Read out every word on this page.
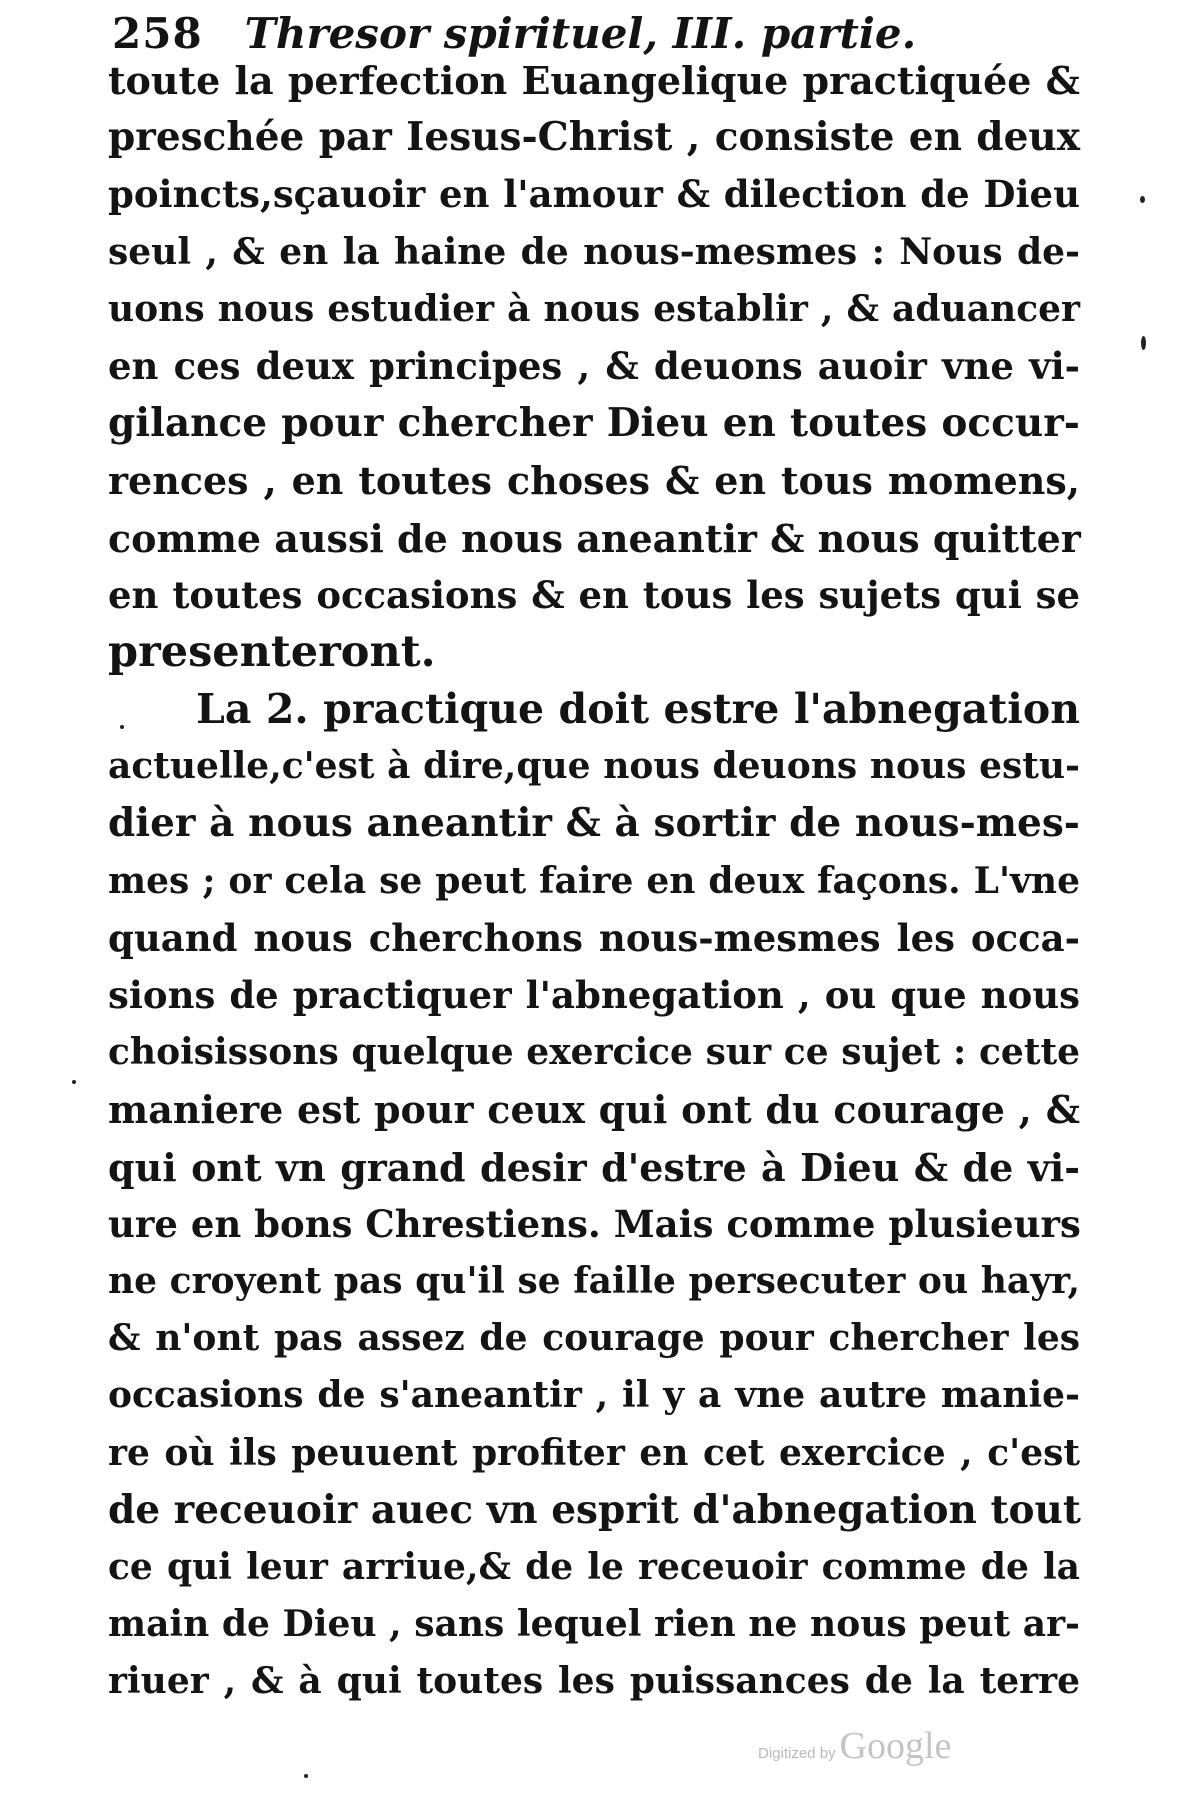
258 Thresor spirituel, III. partie.
toute la perfection Euangelique practiquée &
preschée par Iesus-Christ , consiste en deux
poincts,sçauoir en l'amour & dilection de Dieu
seul , & en la haine de nous-mesmes : Nous de-
uons nous estudier à nous establir , & aduancer
en ces deux principes , & deuons auoir vne vi-
gilance pour chercher Dieu en toutes occur-
rences , en toutes choses & en tous momens,
comme aussi de nous aneantir & nous quitter
en toutes occasions & en tous les sujets qui se
presenteront.
La 2. practique doit estre l'abnegation
actuelle,c'est à dire,que nous deuons nous estu-
dier à nous aneantir & à sortir de nous-mes-
mes ; or cela se peut faire en deux façons. L'vne
quand nous cherchons nous-mesmes les occa-
sions de practiquer l'abnegation , ou que nous
choisissons quelque exercice sur ce sujet : cette
maniere est pour ceux qui ont du courage , &
qui ont vn grand desir d'estre à Dieu & de vi-
ure en bons Chrestiens. Mais comme plusieurs
ne croyent pas qu'il se faille persecuter ou hayr,
& n'ont pas assez de courage pour chercher les
occasions de s'aneantir , il y a vne autre manie-
re où ils peuuent profiter en cet exercice , c'est
de receuoir auec vn esprit d'abnegation tout
ce qui leur arriue,& de le receuoir comme de la
main de Dieu , sans lequel rien ne nous peut ar-
riuer , & à qui toutes les puissances de la terre
Digitized by Google
